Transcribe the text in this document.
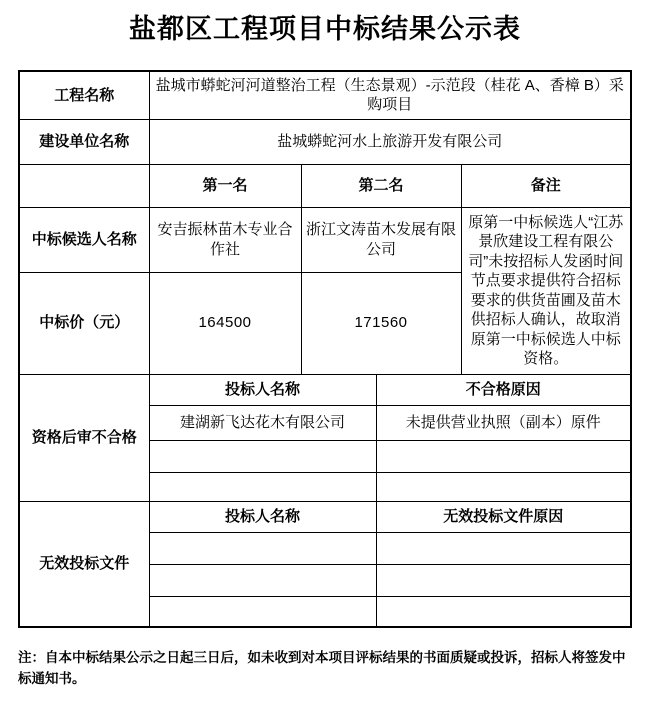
盐都区工程项目中标结果公示表
工程名称	盐城市蟒蛇河河道整治工程（生态景观）-示范段（桂花 A、香樟 B）采购项目			
建设单位名称	盐城蟒蛇河水上旅游开发有限公司			
	第一名	第二名		备注
中标候选人名称	安吉振林苗木专业合作社	浙江文涛苗木发展有限公司		原第一中标候选人“江苏景欣建设工程有限公司”未按招标人发函时间节点要求提供符合招标要求的供货苗圃及苗木供招标人确认，故取消原第一中标候选人中标资格。
中标价（元）	164500	171560		
资格后审不合格	投标人名称		不合格原因	
	建湖新飞达花木有限公司		未提供营业执照（副本）原件	

无效投标文件	投标人名称		无效投标文件原因	

注：自本中标结果公示之日起三日后，如未收到对本项目评标结果的书面质疑或投诉，招标人将签发中标通知书。
